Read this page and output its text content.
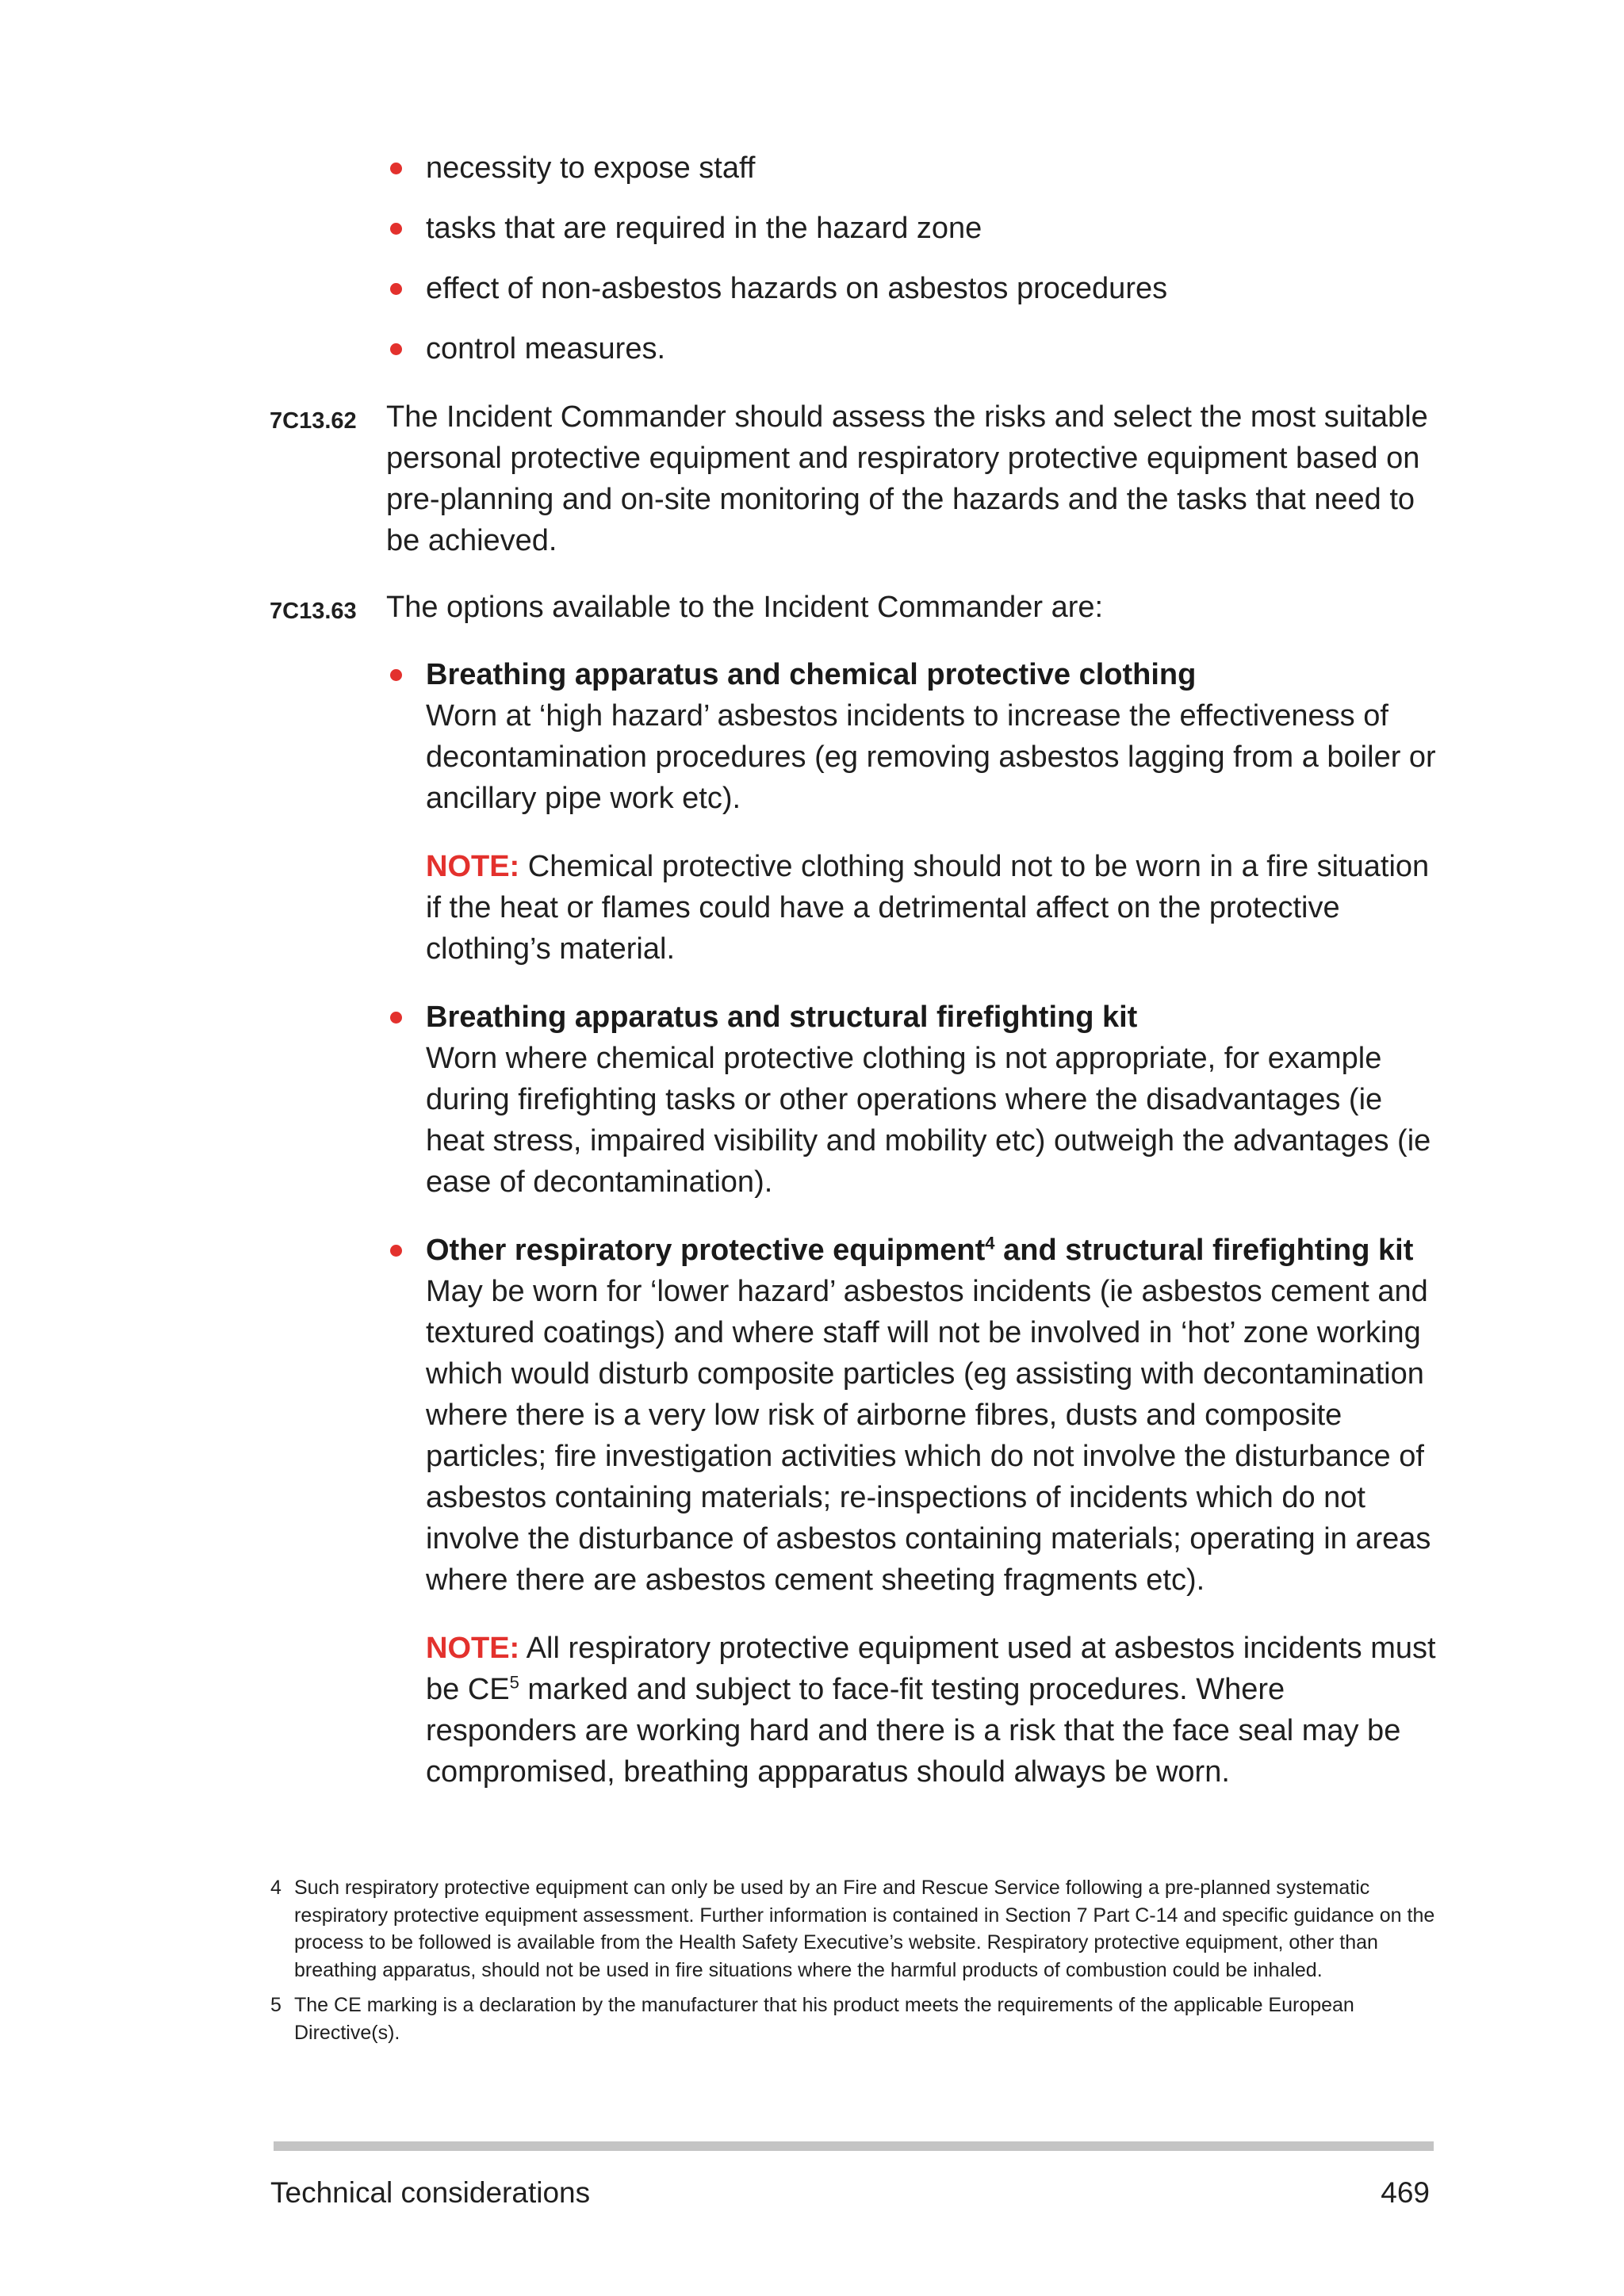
necessity to expose staff
tasks that are required in the hazard zone
effect of non-asbestos hazards on asbestos procedures
control measures.
7C13.62 The Incident Commander should assess the risks and select the most suitable personal protective equipment and respiratory protective equipment based on pre-planning and on-site monitoring of the hazards and the tasks that need to be achieved.
7C13.63 The options available to the Incident Commander are:
Breathing apparatus and chemical protective clothing
Worn at ‘high hazard’ asbestos incidents to increase the effectiveness of decontamination procedures (eg removing asbestos lagging from a boiler or ancillary pipe work etc).
NOTE: Chemical protective clothing should not to be worn in a fire situation if the heat or flames could have a detrimental affect on the protective clothing’s material.
Breathing apparatus and structural firefighting kit
Worn where chemical protective clothing is not appropriate, for example during firefighting tasks or other operations where the disadvantages (ie heat stress, impaired visibility and mobility etc) outweigh the advantages (ie ease of decontamination).
Other respiratory protective equipment$^4$ and structural firefighting kit
May be worn for ‘lower hazard’ asbestos incidents (ie asbestos cement and textured coatings) and where staff will not be involved in ‘hot’ zone working which would disturb composite particles (eg assisting with decontamination where there is a very low risk of airborne fibres, dusts and composite particles; fire investigation activities which do not involve the disturbance of asbestos containing materials; re-inspections of incidents which do not involve the disturbance of asbestos containing materials; operating in areas where there are asbestos cement sheeting fragments etc).
NOTE: All respiratory protective equipment used at asbestos incidents must be $CE^5$ marked and subject to face-fit testing procedures. Where responders are working hard and there is a risk that the face seal may be compromised, breathing appparatus should always be worn.
4 Such respiratory protective equipment can only be used by an Fire and Rescue Service following a pre-planned systematic respiratory protective equipment assessment. Further information is contained in Section 7 Part C-14 and specific guidance on the process to be followed is available from the Health Safety Executive’s website. Respiratory protective equipment, other than breathing apparatus, should not be used in fire situations where the harmful products of combustion could be inhaled.
5 The CE marking is a declaration by the manufacturer that his product meets the requirements of the applicable European Directive(s).
Technical considerations	469
